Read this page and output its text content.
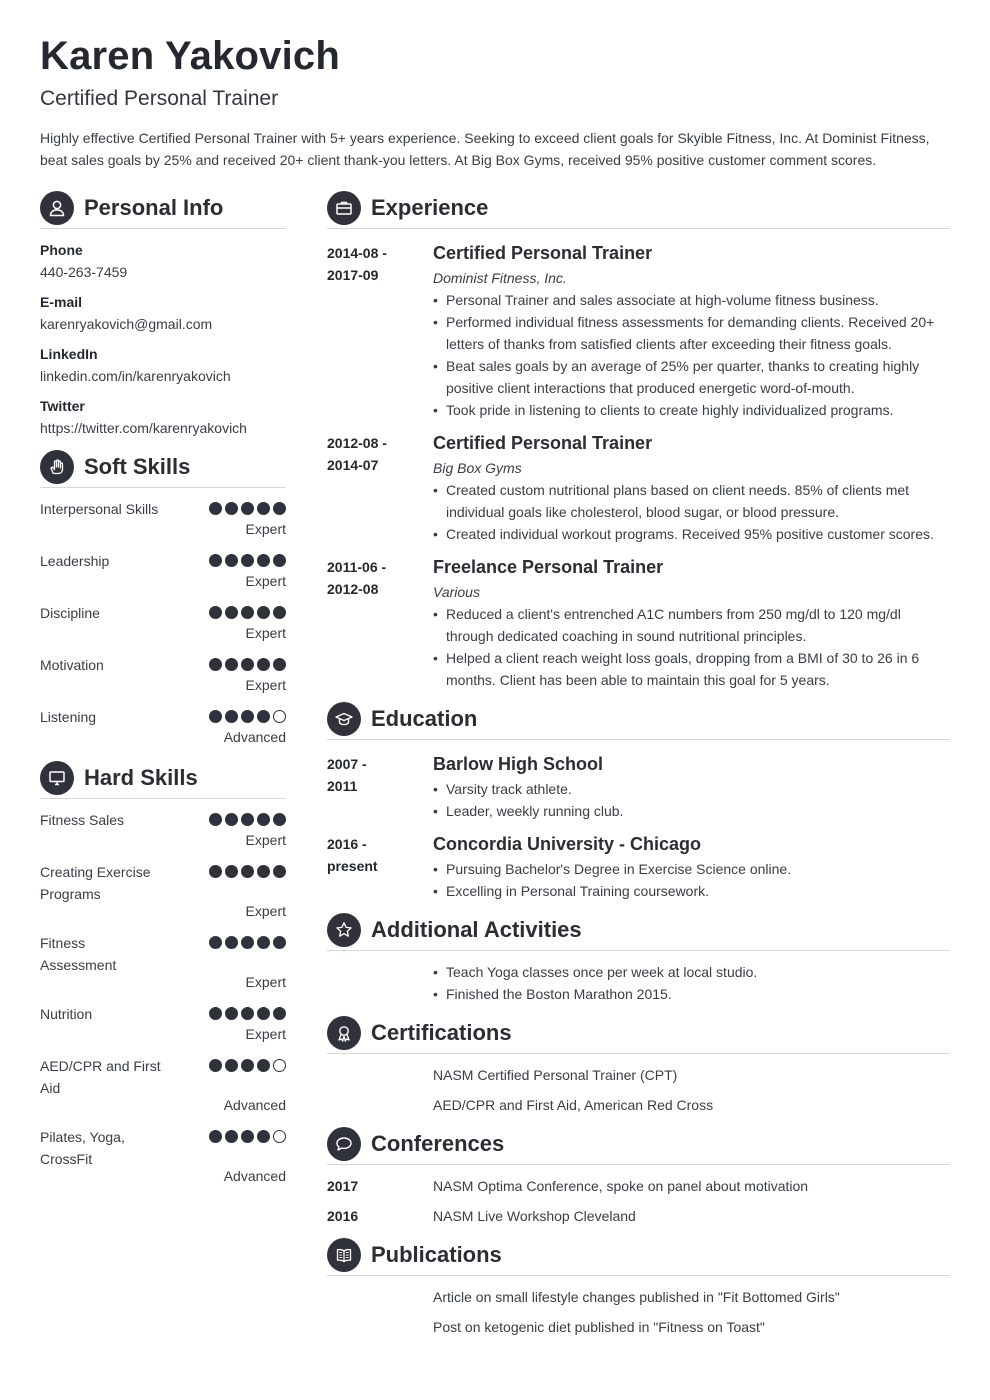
Karen Yakovich
Certified Personal Trainer
Highly effective Certified Personal Trainer with 5+ years experience. Seeking to exceed client goals for Skyible Fitness, Inc. At Dominist Fitness, beat sales goals by 25% and received 20+ client thank-you letters. At Big Box Gyms, received 95% positive customer comment scores.
Personal Info
Phone
440-263-7459
E-mail
karenryakovich@gmail.com
LinkedIn
linkedin.com/in/karenryakovich
Twitter
https://twitter.com/karenryakovich
Soft Skills
Interpersonal Skills
Expert
Leadership
Expert
Discipline
Expert
Motivation
Expert
Listening
Advanced
Hard Skills
Fitness Sales
Expert
Creating Exercise Programs
Expert
Fitness Assessment
Expert
Nutrition
Expert
AED/CPR and First Aid
Advanced
Pilates, Yoga, CrossFit
Advanced
Experience
2014-08 -
2017-09
Certified Personal Trainer
Dominist Fitness, Inc.
• Personal Trainer and sales associate at high-volume fitness business.
• Performed individual fitness assessments for demanding clients. Received 20+ letters of thanks from satisfied clients after exceeding their fitness goals.
• Beat sales goals by an average of 25% per quarter, thanks to creating highly positive client interactions that produced energetic word-of-mouth.
• Took pride in listening to clients to create highly individualized programs.
2012-08 -
2014-07
Certified Personal Trainer
Big Box Gyms
• Created custom nutritional plans based on client needs. 85% of clients met individual goals like cholesterol, blood sugar, or blood pressure.
• Created individual workout programs. Received 95% positive customer scores.
2011-06 -
2012-08
Freelance Personal Trainer
Various
• Reduced a client's entrenched A1C numbers from 250 mg/dl to 120 mg/dl through dedicated coaching in sound nutritional principles.
• Helped a client reach weight loss goals, dropping from a BMI of 30 to 26 in 6 months. Client has been able to maintain this goal for 5 years.
Education
2007 -
2011
Barlow High School
• Varsity track athlete.
• Leader, weekly running club.
2016 -
present
Concordia University - Chicago
• Pursuing Bachelor's Degree in Exercise Science online.
• Excelling in Personal Training coursework.
Additional Activities
• Teach Yoga classes once per week at local studio.
• Finished the Boston Marathon 2015.
Certifications
NASM Certified Personal Trainer (CPT)
AED/CPR and First Aid, American Red Cross
Conferences
2017	NASM Optima Conference, spoke on panel about motivation
2016	NASM Live Workshop Cleveland
Publications
Article on small lifestyle changes published in "Fit Bottomed Girls"
Post on ketogenic diet published in "Fitness on Toast"
